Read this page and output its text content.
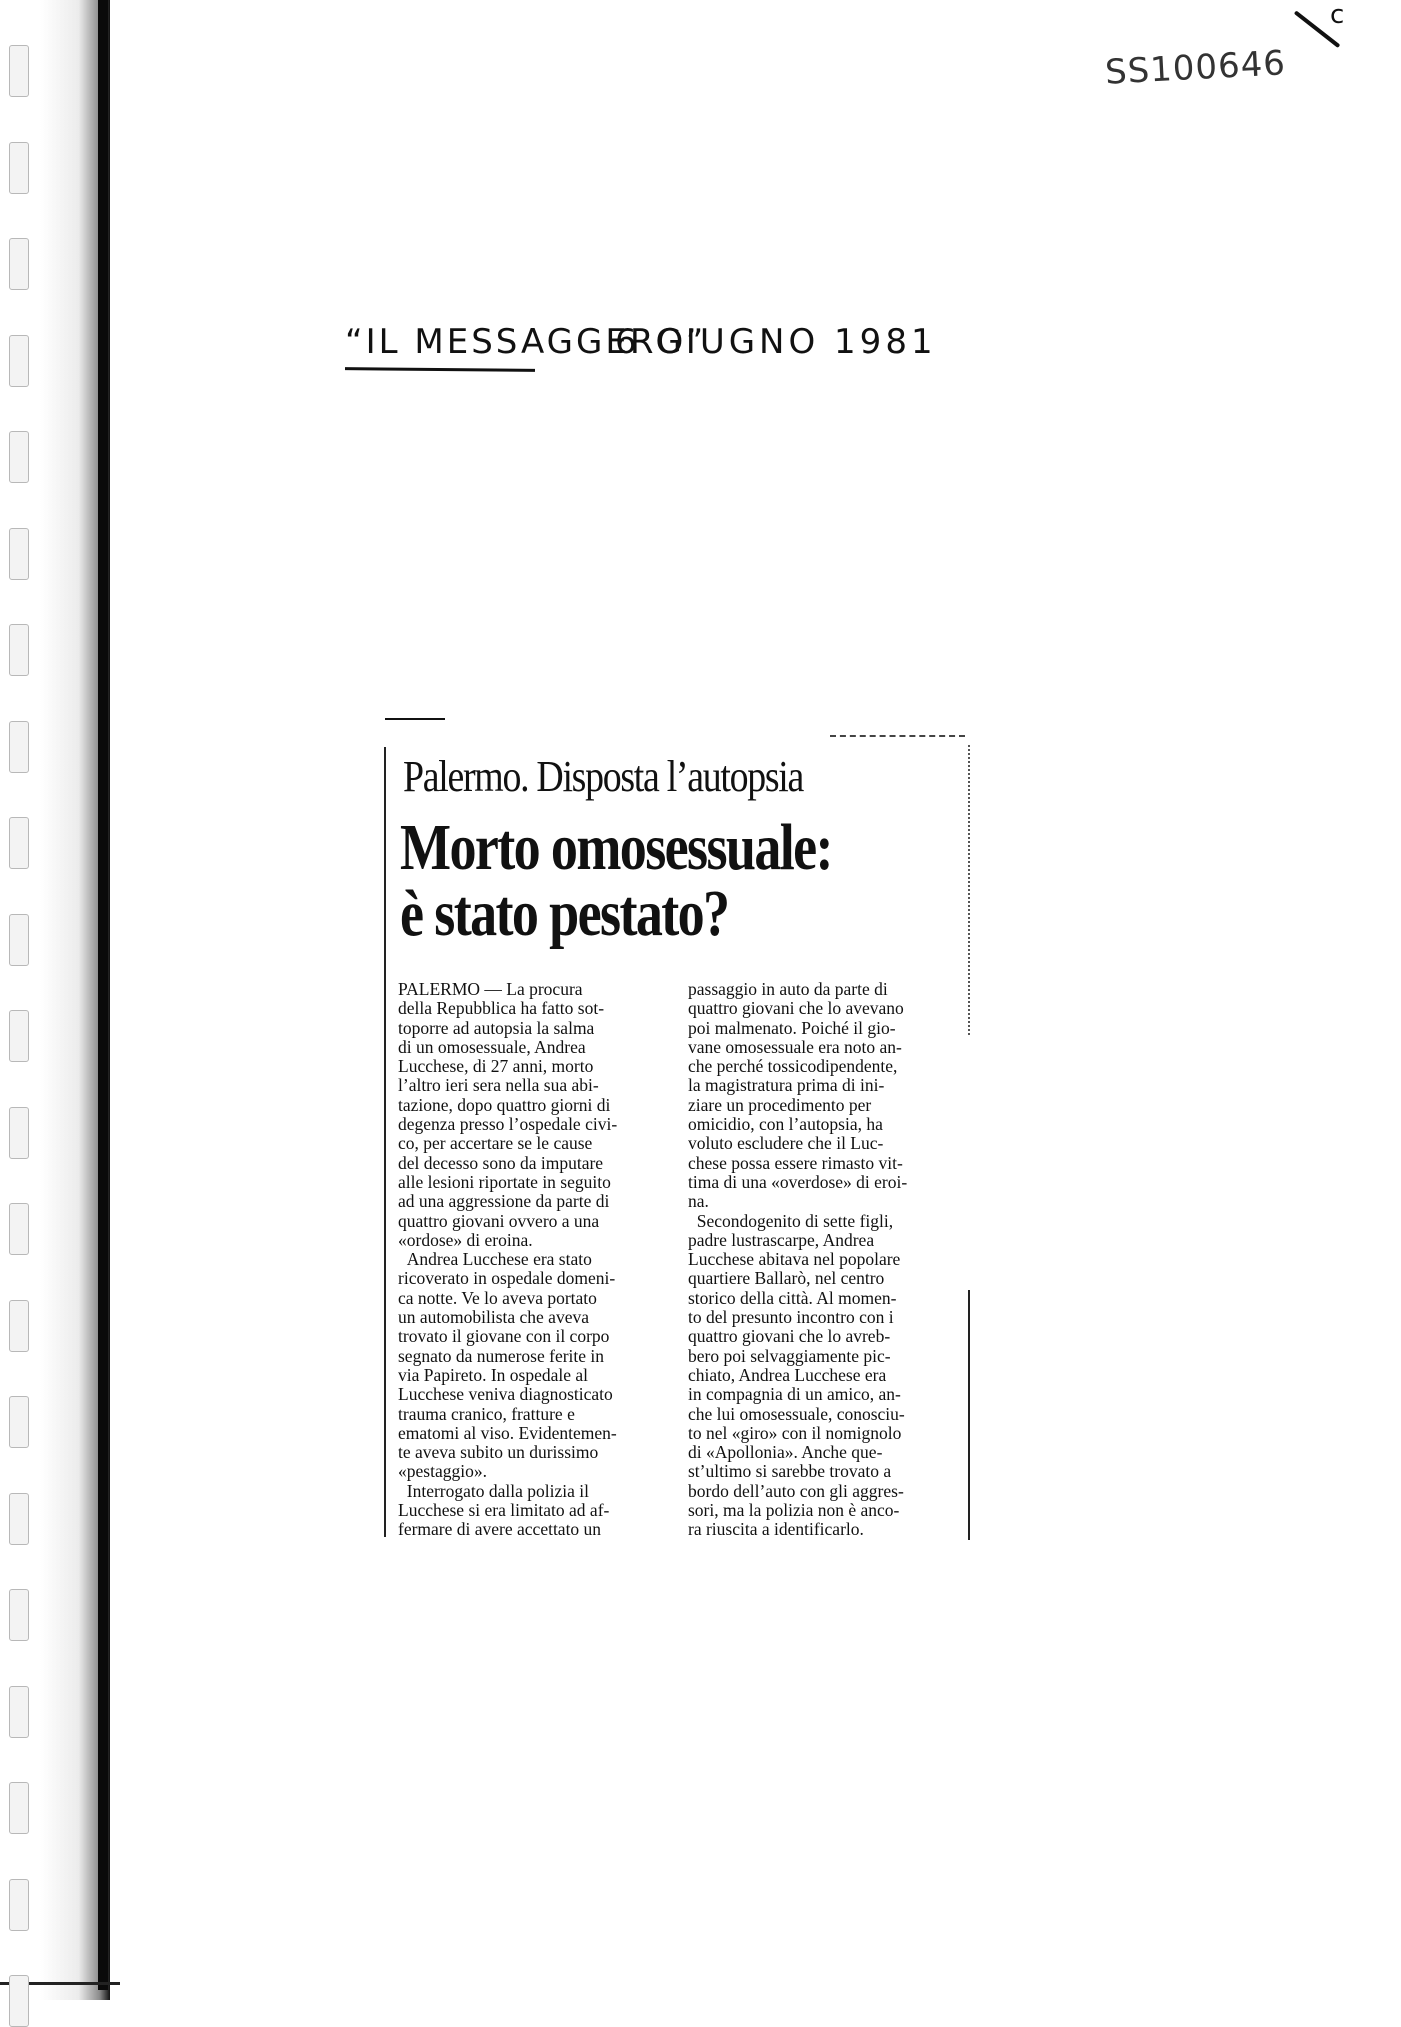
SS100646
c
“IL MESSAGGERO”
6 GIUGNO 1981
Palermo. Disposta l’autopsia
Morto omosessuale:
è stato pestato?
PALERMO — La procura
della Repubblica ha fatto sot-
toporre ad autopsia la salma
di un omosessuale, Andrea
Lucchese, di 27 anni, morto
l’altro ieri sera nella sua abi-
tazione, dopo quattro giorni di
degenza presso l’ospedale civi-
co, per accertare se le cause
del decesso sono da imputare
alle lesioni riportate in seguito
ad una aggressione da parte di
quattro giovani ovvero a una
«ordose» di eroina.
Andrea Lucchese era stato
ricoverato in ospedale domeni-
ca notte. Ve lo aveva portato
un automobilista che aveva
trovato il giovane con il corpo
segnato da numerose ferite in
via Papireto. In ospedale al
Lucchese veniva diagnosticato
trauma cranico, fratture e
ematomi al viso. Evidentemen-
te aveva subito un durissimo
«pestaggio».
Interrogato dalla polizia il
Lucchese si era limitato ad af-
fermare di avere accettato un
passaggio in auto da parte di
quattro giovani che lo avevano
poi malmenato. Poiché il gio-
vane omosessuale era noto an-
che perché tossicodipendente,
la magistratura prima di ini-
ziare un procedimento per
omicidio, con l’autopsia, ha
voluto escludere che il Luc-
chese possa essere rimasto vit-
tima di una «overdose» di eroi-
na.
Secondogenito di sette figli,
padre lustrascarpe, Andrea
Lucchese abitava nel popolare
quartiere Ballarò, nel centro
storico della città. Al momen-
to del presunto incontro con i
quattro giovani che lo avreb-
bero poi selvaggiamente pic-
chiato, Andrea Lucchese era
in compagnia di un amico, an-
che lui omosessuale, conosciu-
to nel «giro» con il nomignolo
di «Apollonia». Anche que-
st’ultimo si sarebbe trovato a
bordo dell’auto con gli aggres-
sori, ma la polizia non è anco-
ra riuscita a identificarlo.
